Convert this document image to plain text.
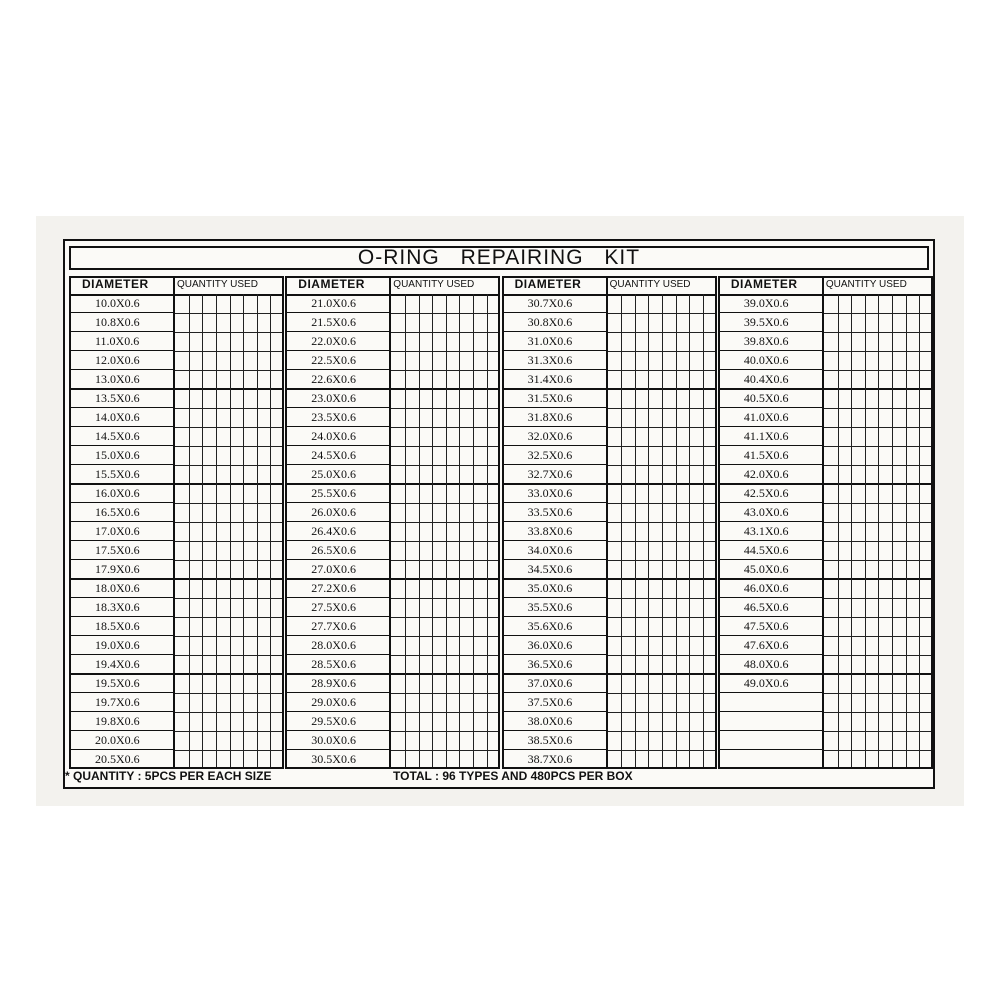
O-RING REPAIRING KIT
DIAMETER	QUANTITY USED
10.0X0.6
10.8X0.6
11.0X0.6
12.0X0.6
13.0X0.6
13.5X0.6
14.0X0.6
14.5X0.6
15.0X0.6
15.5X0.6
16.0X0.6
16.5X0.6
17.0X0.6
17.5X0.6
17.9X0.6
18.0X0.6
18.3X0.6
18.5X0.6
19.0X0.6
19.4X0.6
19.5X0.6
19.7X0.6
19.8X0.6
20.0X0.6
20.5X0.6
DIAMETER	QUANTITY USED
21.0X0.6
21.5X0.6
22.0X0.6
22.5X0.6
22.6X0.6
23.0X0.6
23.5X0.6
24.0X0.6
24.5X0.6
25.0X0.6
25.5X0.6
26.0X0.6
26.4X0.6
26.5X0.6
27.0X0.6
27.2X0.6
27.5X0.6
27.7X0.6
28.0X0.6
28.5X0.6
28.9X0.6
29.0X0.6
29.5X0.6
30.0X0.6
30.5X0.6
DIAMETER	QUANTITY USED
30.7X0.6
30.8X0.6
31.0X0.6
31.3X0.6
31.4X0.6
31.5X0.6
31.8X0.6
32.0X0.6
32.5X0.6
32.7X0.6
33.0X0.6
33.5X0.6
33.8X0.6
34.0X0.6
34.5X0.6
35.0X0.6
35.5X0.6
35.6X0.6
36.0X0.6
36.5X0.6
37.0X0.6
37.5X0.6
38.0X0.6
38.5X0.6
38.7X0.6
DIAMETER	QUANTITY USED
39.0X0.6
39.5X0.6
39.8X0.6
40.0X0.6
40.4X0.6
40.5X0.6
41.0X0.6
41.1X0.6
41.5X0.6
42.0X0.6
42.5X0.6
43.0X0.6
43.1X0.6
44.5X0.6
45.0X0.6
46.0X0.6
46.5X0.6
47.5X0.6
47.6X0.6
48.0X0.6
49.0X0.6
* QUANTITY : 5PCS PER EACH SIZE	TOTAL : 96 TYPES AND 480PCS PER BOX
